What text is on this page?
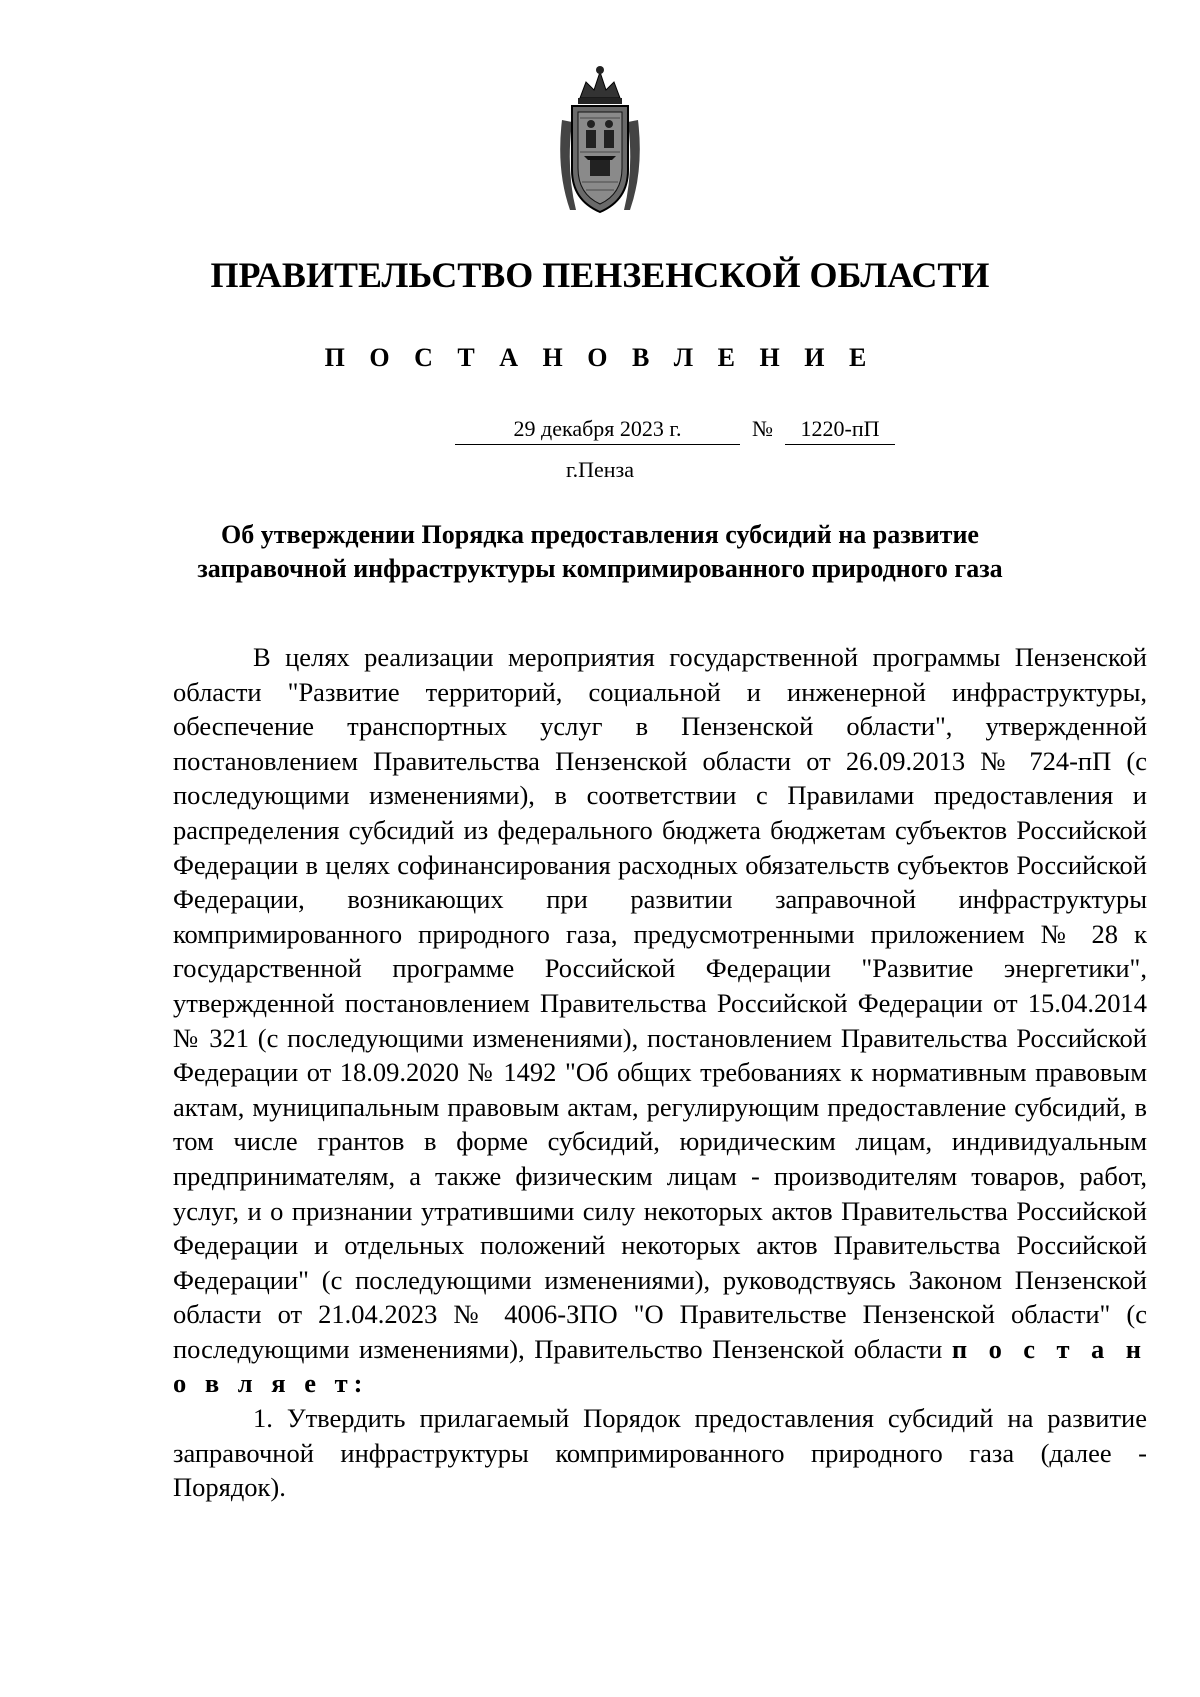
ПРАВИТЕЛЬСТВО ПЕНЗЕНСКОЙ ОБЛАСТИ
П О С Т А Н О В Л Е Н И Е
29 декабря 2023 г.	№	1220-пП
г.Пенза
Об утверждении Порядка предоставления субсидий на развитие
заправочной инфраструктуры компримированного природного газа

В целях реализации мероприятия государственной программы Пензенской области "Развитие территорий, социальной и инженерной инфраструктуры, обеспечение транспортных услуг в Пензенской области", утвержденной постановлением Правительства Пензенской области от 26.09.2013 № 724-пП (с последующими изменениями), в соответствии с Правилами предоставления и распределения субсидий из федерального бюджета бюджетам субъектов Российской Федерации в целях софинансирования расходных обязательств субъектов Российской Федерации, возникающих при развитии заправочной инфраструктуры компримированного природного газа, предусмотренными приложением № 28 к государственной программе Российской Федерации "Развитие энергетики", утвержденной постановлением Правительства Российской Федерации от 15.04.2014 № 321 (с последующими изменениями), постановлением Правительства Российской Федерации от 18.09.2020 № 1492 "Об общих требованиях к нормативным правовым актам, муниципальным правовым актам, регулирующим предоставление субсидий, в том числе грантов в форме субсидий, юридическим лицам, индивидуальным предпринимателям, а также физическим лицам - производителям товаров, работ, услуг, и о признании утратившими силу некоторых актов Правительства Российской Федерации и отдельных положений некоторых актов Правительства Российской Федерации" (с последующими изменениями), руководствуясь Законом Пензенской области от 21.04.2023 № 4006-ЗПО "О Правительстве Пензенской области" (с последующими изменениями), Правительство Пензенской области п о с т а н о в л я е т:

1. Утвердить прилагаемый Порядок предоставления субсидий на развитие заправочной инфраструктуры компримированного природного газа (далее - Порядок).
